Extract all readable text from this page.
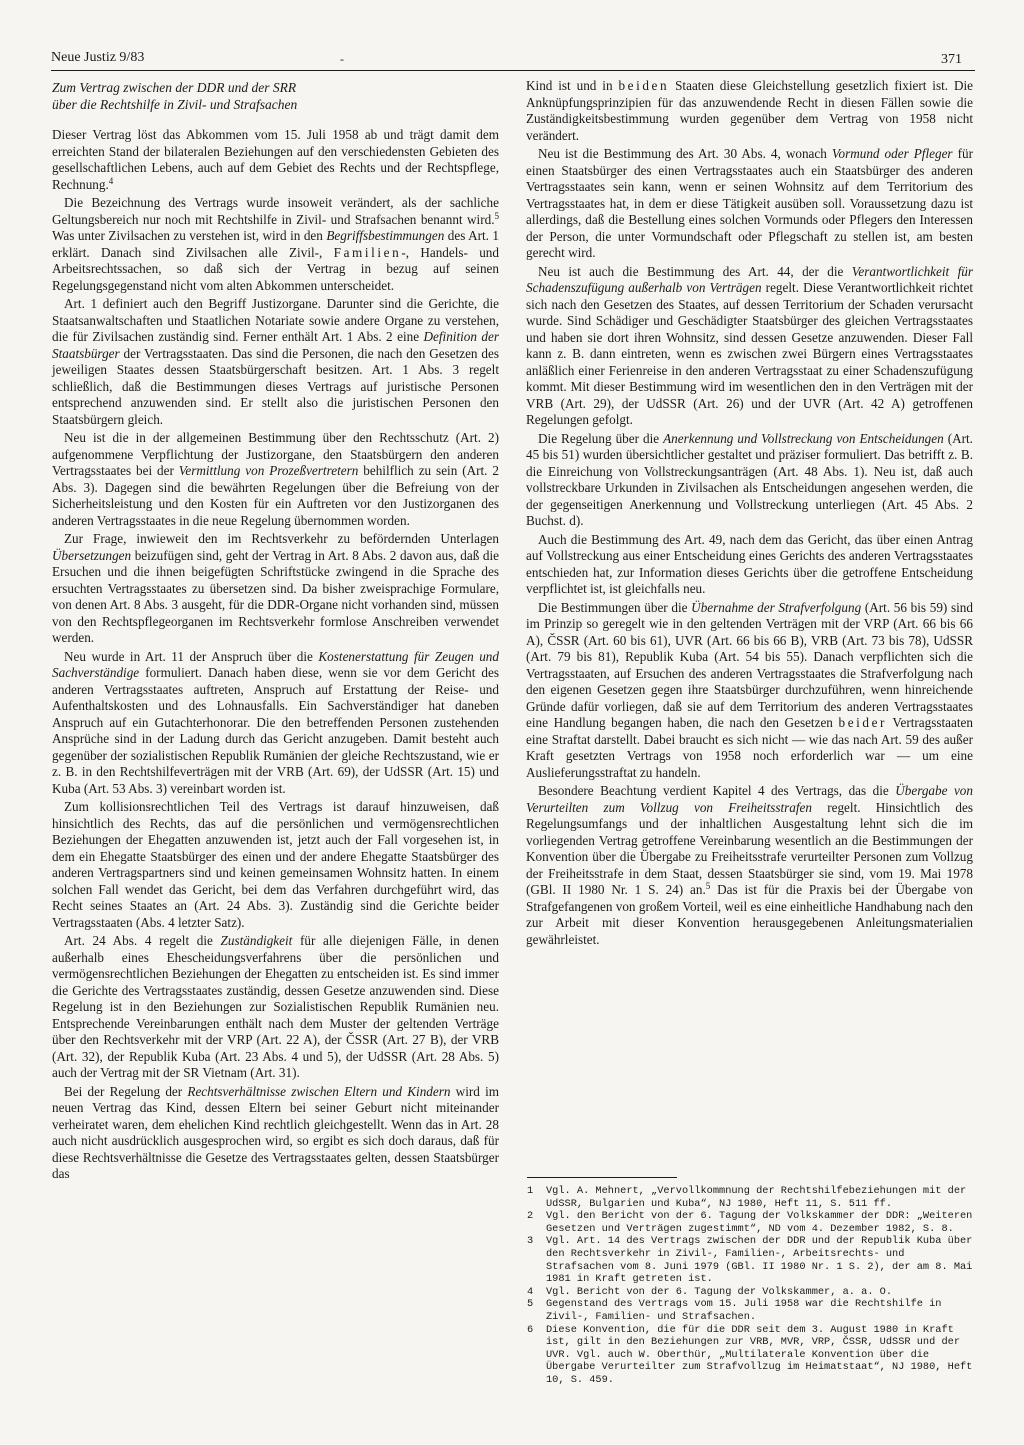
Neue Justiz 9/83	-	371
Zum Vertrag zwischen der DDR und der SRR
über die Rechtshilfe in Zivil- und Strafsachen

Dieser Vertrag löst das Abkommen vom 15. Juli 1958 ab und trägt damit dem erreichten Stand der bilateralen Beziehungen auf den verschiedensten Gebieten des gesellschaftlichen Lebens, auch auf dem Gebiet des Rechts und der Rechtspflege, Rechnung.$^4$

Die Bezeichnung des Vertrags wurde insoweit verändert, als der sachliche Geltungsbereich nur noch mit Rechtshilfe in Zivil- und Strafsachen benannt wird.$^5$ Was unter Zivilsachen zu verstehen ist, wird in den Begriffsbestimmungen des Art. 1 erklärt. Danach sind Zivilsachen alle Zivil-, Familien-, Handels- und Arbeitsrechtssachen, so daß sich der Vertrag in bezug auf seinen Regelungsgegenstand nicht vom alten Abkommen unterscheidet.

Art. 1 definiert auch den Begriff Justizorgane. Darunter sind die Gerichte, die Staatsanwaltschaften und Staatlichen Notariate sowie andere Organe zu verstehen, die für Zivilsachen zuständig sind. Ferner enthält Art. 1 Abs. 2 eine Definition der Staatsbürger der Vertragsstaaten. Das sind die Personen, die nach den Gesetzen des jeweiligen Staates dessen Staatsbürgerschaft besitzen. Art. 1 Abs. 3 regelt schließlich, daß die Bestimmungen dieses Vertrags auf juristische Personen entsprechend anzuwenden sind. Er stellt also die juristischen Personen den Staatsbürgern gleich.

Neu ist die in der allgemeinen Bestimmung über den Rechtsschutz (Art. 2) aufgenommene Verpflichtung der Justizorgane, den Staatsbürgern den anderen Vertragsstaates bei der Vermittlung von Prozeßvertretern behilflich zu sein (Art. 2 Abs. 3). Dagegen sind die bewährten Regelungen über die Befreiung von der Sicherheitsleistung und den Kosten für ein Auftreten vor den Justizorganen des anderen Vertragsstaates in die neue Regelung übernommen worden.

Zur Frage, inwieweit den im Rechtsverkehr zu befördernden Unterlagen Übersetzungen beizufügen sind, geht der Vertrag in Art. 8 Abs. 2 davon aus, daß die Ersuchen und die ihnen beigefügten Schriftstücke zwingend in die Sprache des ersuchten Vertragsstaates zu übersetzen sind. Da bisher zweisprachige Formulare, von denen Art. 8 Abs. 3 ausgeht, für die DDR-Organe nicht vorhanden sind, müssen von den Rechtspflegeorganen im Rechtsverkehr formlose Anschreiben verwendet werden.

Neu wurde in Art. 11 der Anspruch über die Kostenerstattung für Zeugen und Sachverständige formuliert. Danach haben diese, wenn sie vor dem Gericht des anderen Vertragsstaates auftreten, Anspruch auf Erstattung der Reise- und Aufenthaltskosten und des Lohnausfalls. Ein Sachverständiger hat daneben Anspruch auf ein Gutachterhonorar. Die den betreffenden Personen zustehenden Ansprüche sind in der Ladung durch das Gericht anzugeben. Damit besteht auch gegenüber der sozialistischen Republik Rumänien der gleiche Rechtszustand, wie er z. B. in den Rechtshilfeverträgen mit der VRB (Art. 69), der UdSSR (Art. 15) und Kuba (Art. 53 Abs. 3) vereinbart worden ist.

Zum kollisionsrechtlichen Teil des Vertrags ist darauf hinzuweisen, daß hinsichtlich des Rechts, das auf die persönlichen und vermögensrechtlichen Beziehungen der Ehegatten anzuwenden ist, jetzt auch der Fall vorgesehen ist, in dem ein Ehegatte Staatsbürger des einen und der andere Ehegatte Staatsbürger des anderen Vertragspartners sind und keinen gemeinsamen Wohnsitz hatten. In einem solchen Fall wendet das Gericht, bei dem das Verfahren durchgeführt wird, das Recht seines Staates an (Art. 24 Abs. 3). Zuständig sind die Gerichte beider Vertragsstaaten (Abs. 4 letzter Satz).

Art. 24 Abs. 4 regelt die Zuständigkeit für alle diejenigen Fälle, in denen außerhalb eines Ehescheidungsverfahrens über die persönlichen und vermögensrechtlichen Beziehungen der Ehegatten zu entscheiden ist. Es sind immer die Gerichte des Vertragsstaates zuständig, dessen Gesetze anzuwenden sind. Diese Regelung ist in den Beziehungen zur Sozialistischen Republik Rumänien neu. Entsprechende Vereinbarungen enthält nach dem Muster der geltenden Verträge über den Rechtsverkehr mit der VRP (Art. 22 A), der ČSSR (Art. 27 B), der VRB (Art. 32), der Republik Kuba (Art. 23 Abs. 4 und 5), der UdSSR (Art. 28 Abs. 5) auch der Vertrag mit der SR Vietnam (Art. 31).

Bei der Regelung der Rechtsverhältnisse zwischen Eltern und Kindern wird im neuen Vertrag das Kind, dessen Eltern bei seiner Geburt nicht miteinander verheiratet waren, dem ehelichen Kind rechtlich gleichgestellt. Wenn das in Art. 28 auch nicht ausdrücklich ausgesprochen wird, so ergibt es sich doch daraus, daß für diese Rechtsverhältnisse die Gesetze des Vertragsstaates gelten, dessen Staatsbürger das

Kind ist und in beiden Staaten diese Gleichstellung gesetzlich fixiert ist. Die Anknüpfungsprinzipien für das anzuwendende Recht in diesen Fällen sowie die Zuständigkeitsbestimmung wurden gegenüber dem Vertrag von 1958 nicht verändert.

Neu ist die Bestimmung des Art. 30 Abs. 4, wonach Vormund oder Pfleger für einen Staatsbürger des einen Vertragsstaates auch ein Staatsbürger des anderen Vertragsstaates sein kann, wenn er seinen Wohnsitz auf dem Territorium des Vertragsstaates hat, in dem er diese Tätigkeit ausüben soll. Voraussetzung dazu ist allerdings, daß die Bestellung eines solchen Vormunds oder Pflegers den Interessen der Person, die unter Vormundschaft oder Pflegschaft zu stellen ist, am besten gerecht wird.

Neu ist auch die Bestimmung des Art. 44, der die Verantwortlichkeit für Schadenszufügung außerhalb von Verträgen regelt. Diese Verantwortlichkeit richtet sich nach den Gesetzen des Staates, auf dessen Territorium der Schaden verursacht wurde. Sind Schädiger und Geschädigter Staatsbürger des gleichen Vertragsstaates und haben sie dort ihren Wohnsitz, sind dessen Gesetze anzuwenden. Dieser Fall kann z. B. dann eintreten, wenn es zwischen zwei Bürgern eines Vertragsstaates anläßlich einer Ferienreise in den anderen Vertragsstaat zu einer Schadenszufügung kommt. Mit dieser Bestimmung wird im wesentlichen den in den Verträgen mit der VRB (Art. 29), der UdSSR (Art. 26) und der UVR (Art. 42 A) getroffenen Regelungen gefolgt.

Die Regelung über die Anerkennung und Vollstreckung von Entscheidungen (Art. 45 bis 51) wurden übersichtlicher gestaltet und präziser formuliert. Das betrifft z. B. die Einreichung von Vollstreckungsanträgen (Art. 48 Abs. 1). Neu ist, daß auch vollstreckbare Urkunden in Zivilsachen als Entscheidungen angesehen werden, die der gegenseitigen Anerkennung und Vollstreckung unterliegen (Art. 45 Abs. 2 Buchst. d).

Auch die Bestimmung des Art. 49, nach dem das Gericht, das über einen Antrag auf Vollstreckung aus einer Entscheidung eines Gerichts des anderen Vertragsstaates entschieden hat, zur Information dieses Gerichts über die getroffene Entscheidung verpflichtet ist, ist gleichfalls neu.

Die Bestimmungen über die Übernahme der Strafverfolgung (Art. 56 bis 59) sind im Prinzip so geregelt wie in den geltenden Verträgen mit der VRP (Art. 66 bis 66 A), ČSSR (Art. 60 bis 61), UVR (Art. 66 bis 66 B), VRB (Art. 73 bis 78), UdSSR (Art. 79 bis 81), Republik Kuba (Art. 54 bis 55). Danach verpflichten sich die Vertragsstaaten, auf Ersuchen des anderen Vertragsstaates die Strafverfolgung nach den eigenen Gesetzen gegen ihre Staatsbürger durchzuführen, wenn hinreichende Gründe dafür vorliegen, daß sie auf dem Territorium des anderen Vertragsstaates eine Handlung begangen haben, die nach den Gesetzen beider Vertragsstaaten eine Straftat darstellt. Dabei braucht es sich nicht — wie das nach Art. 59 des außer Kraft gesetzten Vertrags von 1958 noch erforderlich war — um eine Auslieferungsstraftat zu handeln.

Besondere Beachtung verdient Kapitel 4 des Vertrags, das die Übergabe von Verurteilten zum Vollzug von Freiheitsstrafen regelt. Hinsichtlich des Regelungsumfangs und der inhaltlichen Ausgestaltung lehnt sich die im vorliegenden Vertrag getroffene Vereinbarung wesentlich an die Bestimmungen der Konvention über die Übergabe zu Freiheitsstrafe verurteilter Personen zum Vollzug der Freiheitsstrafe in dem Staat, dessen Staatsbürger sie sind, vom 19. Mai 1978 (GBl. II 1980 Nr. 1 S. 24) an.$^5$ Das ist für die Praxis bei der Übergabe von Strafgefangenen von großem Vorteil, weil es eine einheitliche Handhabung nach den zur Arbeit mit dieser Konvention herausgegebenen Anleitungsmaterialien gewährleistet.

1	Vgl. A. Mehnert, „Vervollkommnung der Rechtshilfebeziehungen mit der UdSSR, Bulgarien und Kuba“, NJ 1980, Heft 11, S. 511 ff.
2	Vgl. den Bericht von der 6. Tagung der Volkskammer der DDR: „Weiteren Gesetzen und Verträgen zugestimmt“, ND vom 4. Dezember 1982, S. 8.
3	Vgl. Art. 14 des Vertrags zwischen der DDR und der Republik Kuba über den Rechtsverkehr in Zivil-, Familien-, Arbeitsrechts- und Strafsachen vom 8. Juni 1979 (GBl. II 1980 Nr. 1 S. 2), der am 8. Mai 1981 in Kraft getreten ist.
4	Vgl. Bericht von der 6. Tagung der Volkskammer, a. a. O.
5	Gegenstand des Vertrags vom 15. Juli 1958 war die Rechtshilfe in Zivil-, Familien- und Strafsachen.
6	Diese Konvention, die für die DDR seit dem 3. August 1980 in Kraft ist, gilt in den Beziehungen zur VRB, MVR, VRP, ČSSR, UdSSR und der UVR. Vgl. auch W. Oberthür, „Multilaterale Konvention über die Übergabe Verurteilter zum Strafvollzug im Heimatstaat“, NJ 1980, Heft 10, S. 459.
